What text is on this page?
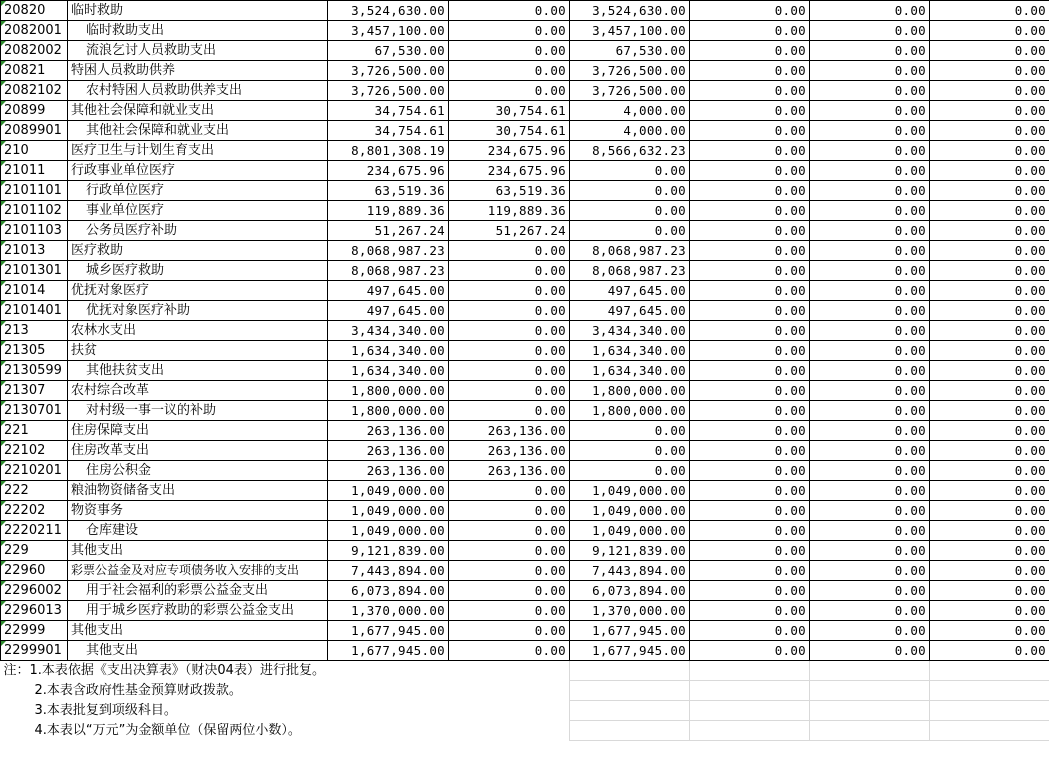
20820	临时救助	3,524,630.00	0.00	3,524,630.00	0.00	0.00	0.00
2082001	临时救助支出	3,457,100.00	0.00	3,457,100.00	0.00	0.00	0.00
2082002	流浪乞讨人员救助支出	67,530.00	0.00	67,530.00	0.00	0.00	0.00
20821	特困人员救助供养	3,726,500.00	0.00	3,726,500.00	0.00	0.00	0.00
2082102	农村特困人员救助供养支出	3,726,500.00	0.00	3,726,500.00	0.00	0.00	0.00
20899	其他社会保障和就业支出	34,754.61	30,754.61	4,000.00	0.00	0.00	0.00
2089901	其他社会保障和就业支出	34,754.61	30,754.61	4,000.00	0.00	0.00	0.00
210	医疗卫生与计划生育支出	8,801,308.19	234,675.96	8,566,632.23	0.00	0.00	0.00
21011	行政事业单位医疗	234,675.96	234,675.96	0.00	0.00	0.00	0.00
2101101	行政单位医疗	63,519.36	63,519.36	0.00	0.00	0.00	0.00
2101102	事业单位医疗	119,889.36	119,889.36	0.00	0.00	0.00	0.00
2101103	公务员医疗补助	51,267.24	51,267.24	0.00	0.00	0.00	0.00
21013	医疗救助	8,068,987.23	0.00	8,068,987.23	0.00	0.00	0.00
2101301	城乡医疗救助	8,068,987.23	0.00	8,068,987.23	0.00	0.00	0.00
21014	优抚对象医疗	497,645.00	0.00	497,645.00	0.00	0.00	0.00
2101401	优抚对象医疗补助	497,645.00	0.00	497,645.00	0.00	0.00	0.00
213	农林水支出	3,434,340.00	0.00	3,434,340.00	0.00	0.00	0.00
21305	扶贫	1,634,340.00	0.00	1,634,340.00	0.00	0.00	0.00
2130599	其他扶贫支出	1,634,340.00	0.00	1,634,340.00	0.00	0.00	0.00
21307	农村综合改革	1,800,000.00	0.00	1,800,000.00	0.00	0.00	0.00
2130701	对村级一事一议的补助	1,800,000.00	0.00	1,800,000.00	0.00	0.00	0.00
221	住房保障支出	263,136.00	263,136.00	0.00	0.00	0.00	0.00
22102	住房改革支出	263,136.00	263,136.00	0.00	0.00	0.00	0.00
2210201	住房公积金	263,136.00	263,136.00	0.00	0.00	0.00	0.00
222	粮油物资储备支出	1,049,000.00	0.00	1,049,000.00	0.00	0.00	0.00
22202	物资事务	1,049,000.00	0.00	1,049,000.00	0.00	0.00	0.00
2220211	仓库建设	1,049,000.00	0.00	1,049,000.00	0.00	0.00	0.00
229	其他支出	9,121,839.00	0.00	9,121,839.00	0.00	0.00	0.00
22960	彩票公益金及对应专项债务收入安排的支出	7,443,894.00	0.00	7,443,894.00	0.00	0.00	0.00
2296002	用于社会福利的彩票公益金支出	6,073,894.00	0.00	6,073,894.00	0.00	0.00	0.00
2296013	用于城乡医疗救助的彩票公益金支出	1,370,000.00	0.00	1,370,000.00	0.00	0.00	0.00
22999	其他支出	1,677,945.00	0.00	1,677,945.00	0.00	0.00	0.00
2299901	其他支出	1,677,945.00	0.00	1,677,945.00	0.00	0.00	0.00
注：1.本表依据《支出决算表》（财决04表）进行批复。							
2.本表含政府性基金预算财政拨款。							
3.本表批复到项级科目。							
4.本表以“万元”为金额单位（保留两位小数）。							
